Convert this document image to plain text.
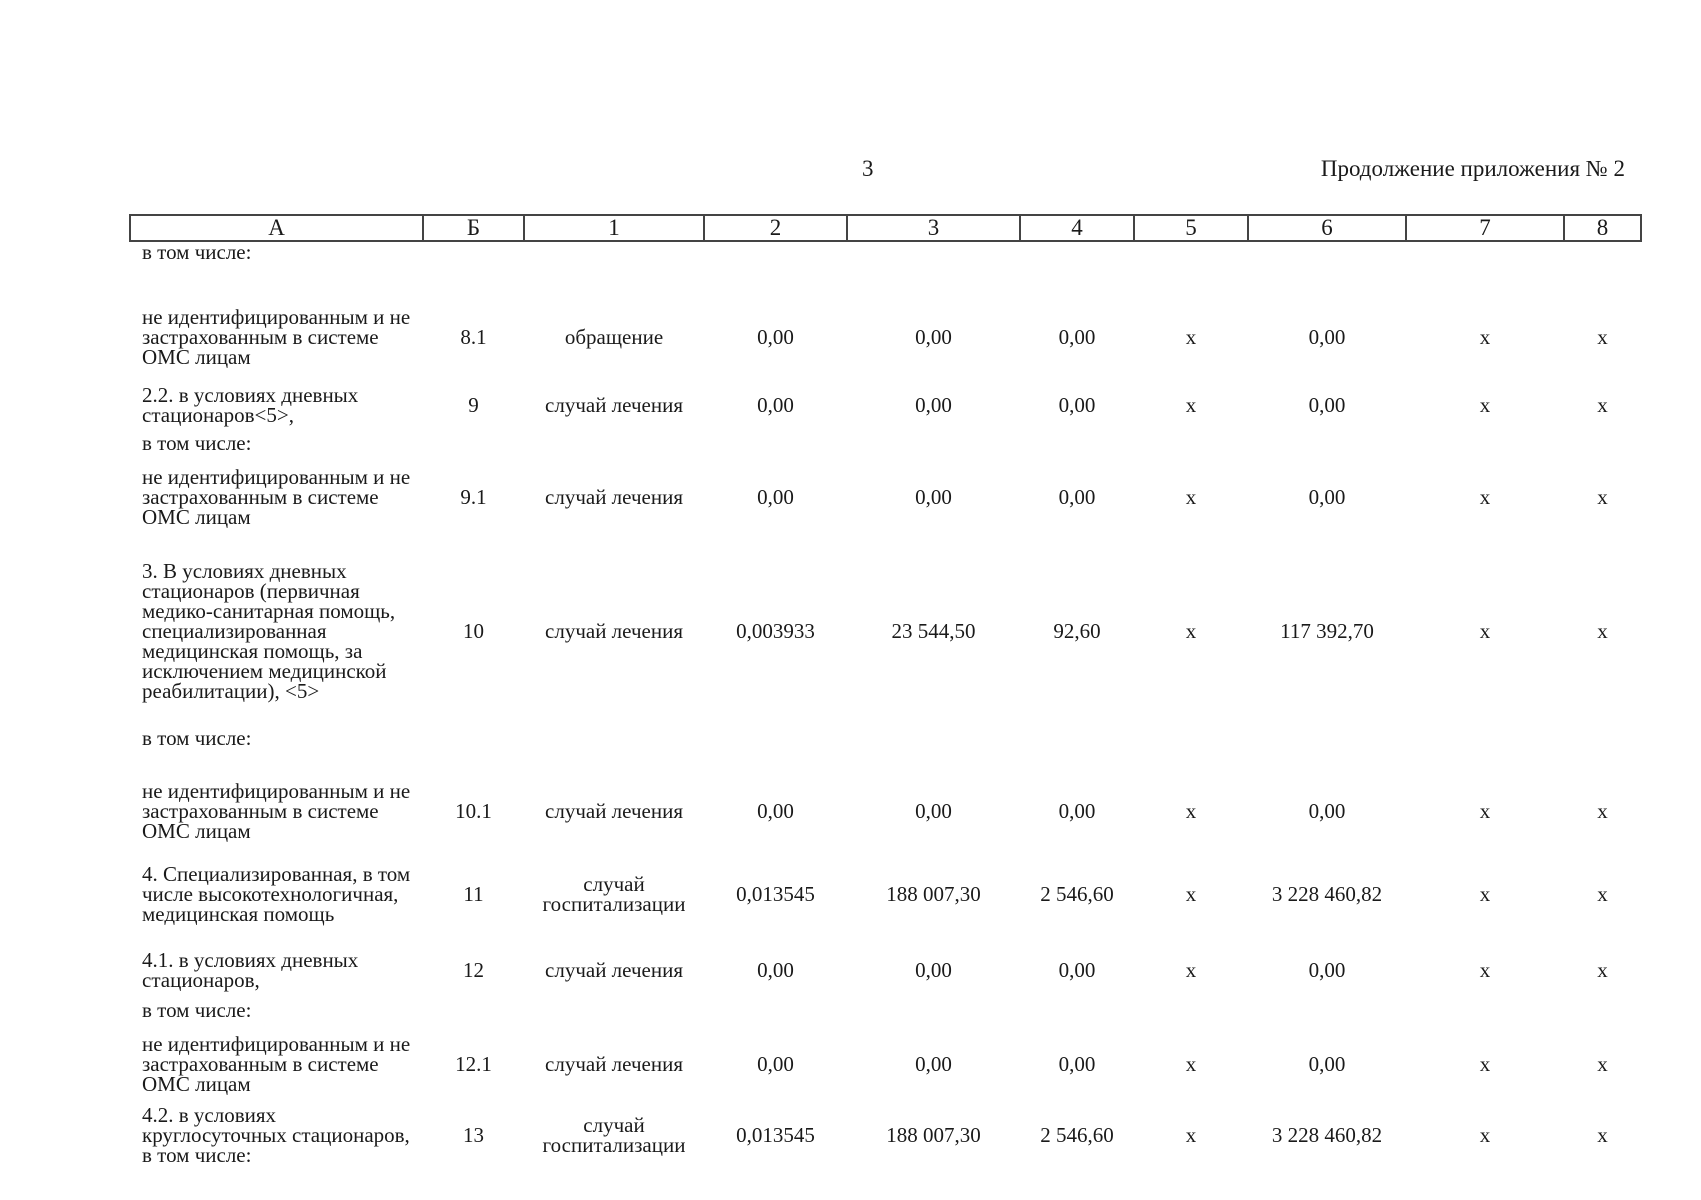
3	Продолжение приложения № 2
А	Б	1	2	3	4	5	6	7	8
в том числе:									
не идентифицированным и не застрахованным в системе ОМС лицам	8.1	обращение	0,00	0,00	0,00	х	0,00	х	х
2.2. в условиях дневных стационаров<5>,	9	случай лечения	0,00	0,00	0,00	х	0,00	х	х
в том числе:									
не идентифицированным и не застрахованным в системе ОМС лицам	9.1	случай лечения	0,00	0,00	0,00	х	0,00	х	х
3. В условиях дневных стационаров (первичная медико-санитарная помощь, специализированная медицинская помощь, за исключением медицинской реабилитации), <5>	10	случай лечения	0,003933	23 544,50	92,60	х	117 392,70	х	х
в том числе:									
не идентифицированным и не застрахованным в системе ОМС лицам	10.1	случай лечения	0,00	0,00	0,00	х	0,00	х	х
4. Специализированная, в том числе высокотехнологичная, медицинская помощь	11	случай госпитализации	0,013545	188 007,30	2 546,60	х	3 228 460,82	х	х
4.1. в условиях дневных стационаров,	12	случай лечения	0,00	0,00	0,00	х	0,00	х	х
в том числе:									
не идентифицированным и не застрахованным в системе ОМС лицам	12.1	случай лечения	0,00	0,00	0,00	х	0,00	х	х
4.2. в условиях круглосуточных стационаров, в том числе:	13	случай госпитализации	0,013545	188 007,30	2 546,60	х	3 228 460,82	х	х
